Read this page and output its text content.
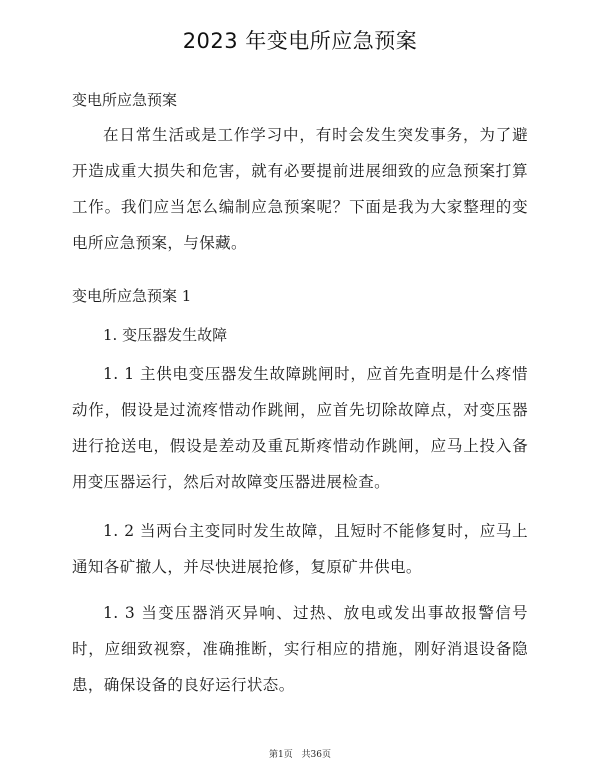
2023 年变电所应急预案

变电所应急预案

在日常生活或是工作学习中，有时会发生突发事务，为了避开造成重大损失和危害，就有必要提前进展细致的应急预案打算工作。我们应当怎么编制应急预案呢？下面是我为大家整理的变电所应急预案，与保藏。

变电所应急预案 1

1. 变压器发生故障

1. 1 主供电变压器发生故障跳闸时，应首先查明是什么疼惜动作，假设是过流疼惜动作跳闸，应首先切除故障点，对变压器进行抢送电，假设是差动及重瓦斯疼惜动作跳闸，应马上投入备用变压器运行，然后对故障变压器进展检查。

1. 2 当两台主变同时发生故障，且短时不能修复时，应马上通知各矿撤人，并尽快进展抢修，复原矿井供电。

1. 3 当变压器消灭异响、过热、放电或发出事故报警信号时，应细致视察，准确推断，实行相应的措施，刚好消退设备隐患，确保设备的良好运行状态。

第1页 共36页
